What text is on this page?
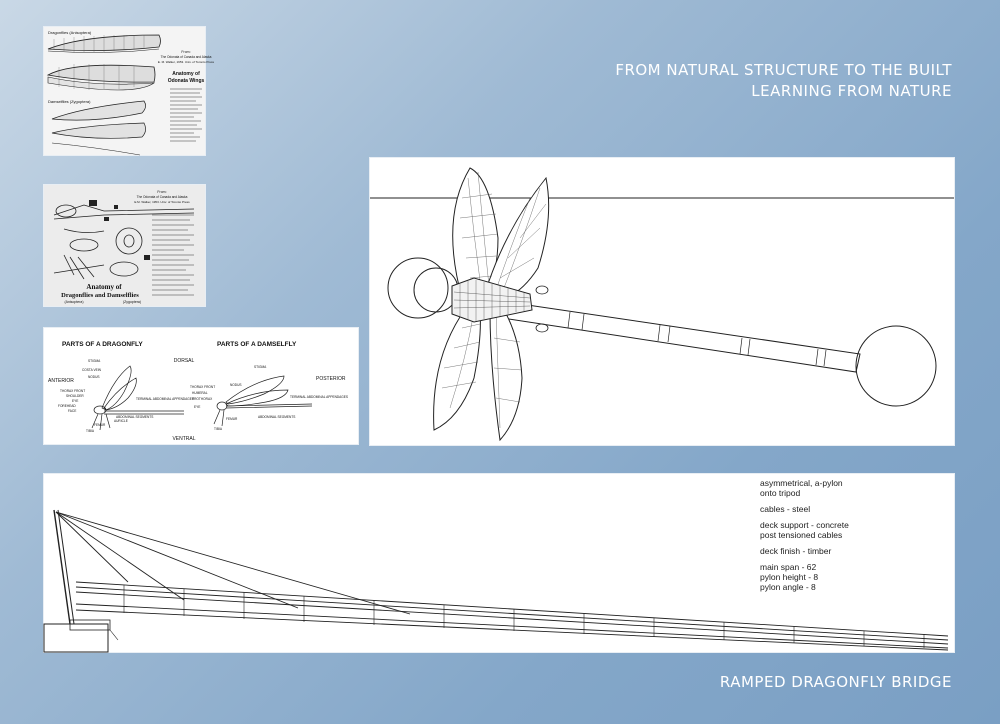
FROM NATURAL STRUCTURE TO THE BUILT
LEARNING FROM NATURE
Dragonflies (Anisoptera)
Damselflies (Zygoptera)
From:
The Odonata of Canada and Alaska
E. M. Walker, 1953. Univ. of Toronto Press
Anatomy of
Odonata Wings
From:
The Odonata of Canada and Alaska
E.M. Walker, 1953. Univ. of Toronto Press
Anatomy of
Dragonflies and Damselflies
(Anisoptera)	(Zygoptera)
PARTS OF A DRAGONFLY	PARTS OF A DAMSELFLY
DORSAL
VENTRAL
ANTERIOR	POSTERIOR
STIGMA
COSTA VEIN
NODUS
THORAX FRONT
SHOULDER
EYE
FOREHEAD
FACE
TIBIA
FEMUR
AURICLE
ABDOMINAL SEGMENTS
TERMINAL ABDOMINAL APPENDAGES
STIGMA
NODUS
THORAX FRONT
HUMERAL
PROTHORAX
EYE
FEMUR
TIBIA
ABDOMINAL SEGMENTS
TERMINAL ABDOMINAL APPENDAGES
asymmetrical, a-pylon
onto tripod
cables - steel
deck support - concrete
post tensioned cables
deck finish - timber
main span - 62
pylon height - 8
pylon angle - 8
RAMPED DRAGONFLY BRIDGE
